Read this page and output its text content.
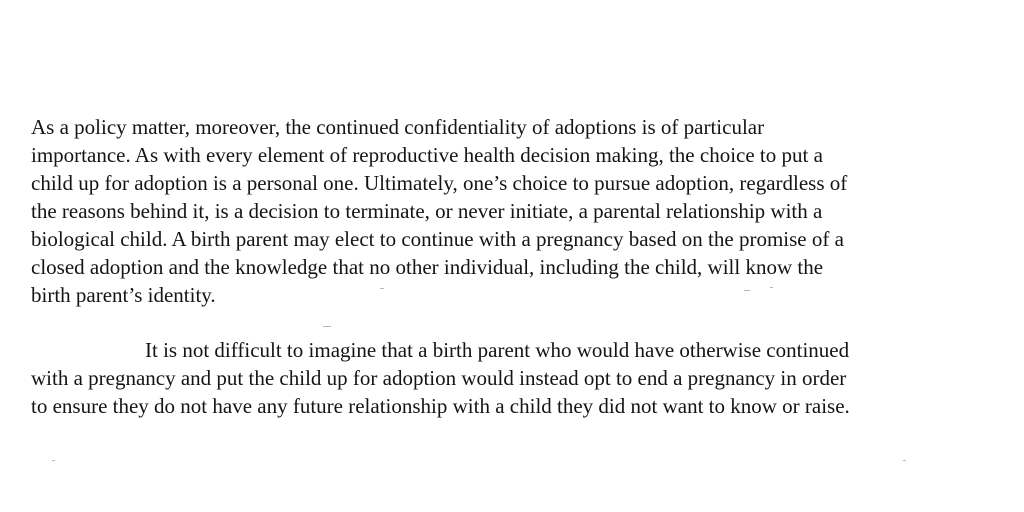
As a policy matter, moreover, the continued confidentiality of adoptions is of particular
importance. As with every element of reproductive health decision making, the choice to put a
child up for adoption is a personal one. Ultimately, one’s choice to pursue adoption, regardless of
the reasons behind it, is a decision to terminate, or never initiate, a parental relationship with a
biological child. A birth parent may elect to continue with a pregnancy based on the promise of a
closed adoption and the knowledge that no other individual, including the child, will know the
birth parent’s identity.
It is not difficult to imagine that a birth parent who would have otherwise continued
with a pregnancy and put the child up for adoption would instead opt to end a pregnancy in order
to ensure they do not have any future relationship with a child they did not want to know or raise.
